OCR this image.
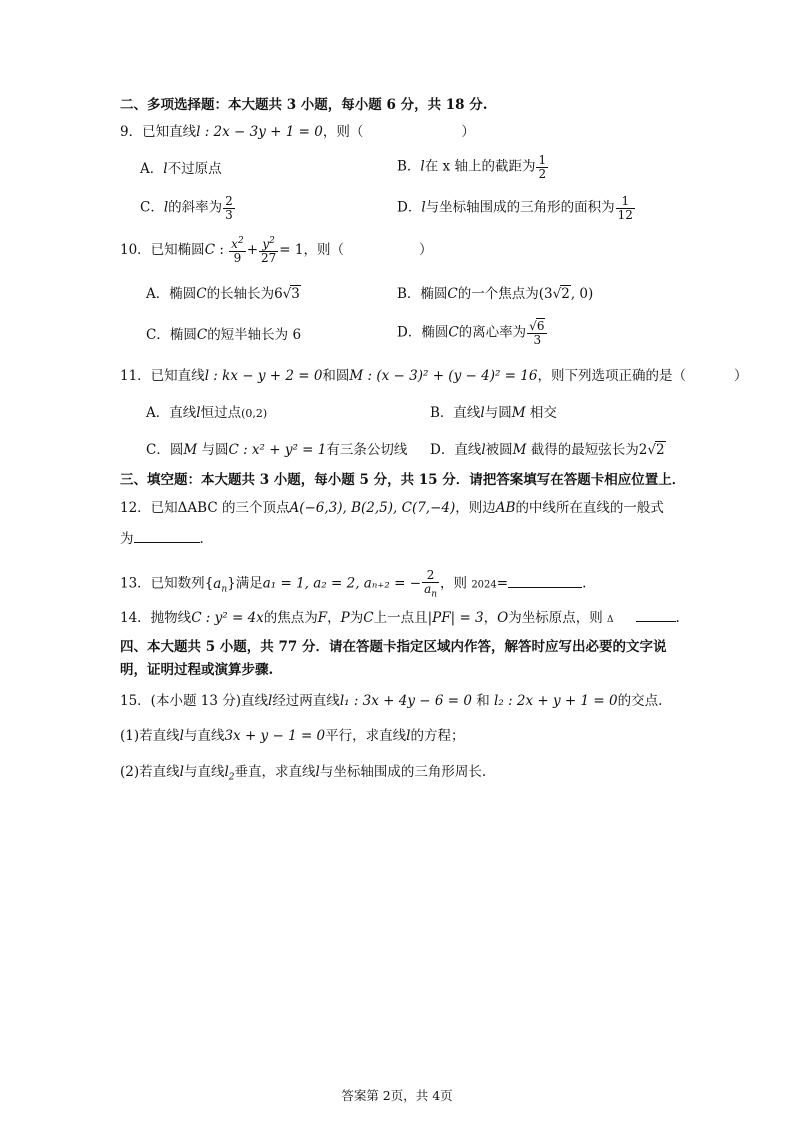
二、多项选择题：本大题共 3 小题，每小题 6 分，共 18 分.
9．已知直线l : 2x − 3y + 1 = 0，则（	）
A．l不过原点	B．l在 x 轴上的截距为 $\frac{1}{2}$
C．l的斜率为 $\frac{2}{3}$	D．l与坐标轴围成的三角形的面积为 $\frac{1}{12}$
10．已知椭圆C : $\frac{x^2}{9} + \frac{y^2}{27} = 1$，则（	）
A．椭圆C的长轴长为6√3	B．椭圆C的一个焦点为(3√2, 0)
C．椭圆C的短半轴长为 6	D．椭圆C的离心率为 $\frac{√6}{3}$
11．已知直线l : kx − y + 2 = 0和圆M : (x − 3)² + (y − 4)² = 16，则下列选项正确的是（	）
A．直线l恒过点(0,2)	B．直线l与圆M 相交
C．圆M 与圆C : x² + y² = 1有三条公切线 D．直线l被圆M 截得的最短弦长为2√2
三、填空题：本大题共 3 小题，每小题 5 分，共 15 分．请把答案填写在答题卡相应位置上．
12．已知ΔABC 的三个顶点A(−6,3), B(2,5), C(7,−4)，则边AB的中线所在直线的一般式
为	.
13．已知数列$\{a_n\}$满足a₁ = 1, a₂ = 2, aₙ₊₂ = − $\frac{2}{a_n}$ ，则 2024=	.
14．抛物线C : y² = 4x的焦点为F，P为C上一点且|PF| = 3，O为坐标原点，则 Δ	.
四、本大题共 5 小题，共 77 分．请在答题卡指定区域内作答，解答时应写出必要的文字说
明，证明过程或演算步骤.
15．(本小题 13 分)直线l经过两直线l₁ : 3x + 4y − 6 = 0 和 l₂ : 2x + y + 1 = 0的交点.
(1)若直线l与直线3x + y − 1 = 0平行，求直线l的方程；
(2)若直线l与直线$l_2$垂直，求直线l与坐标轴围成的三角形周长.
答案第 2页，共 4页
